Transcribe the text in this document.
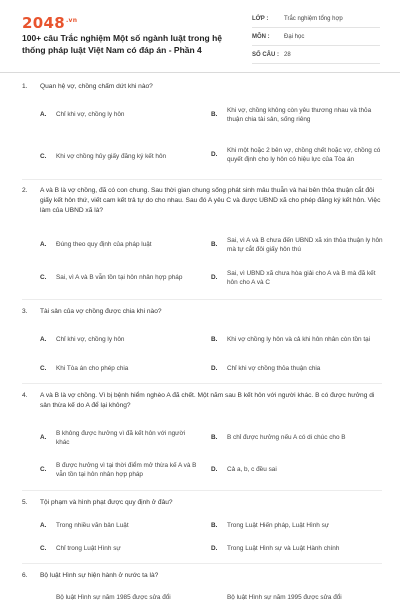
$2048^{.vn}$
100+ câu Trắc nghiệm Một số ngành luật trong hệ thống pháp luật Việt Nam có đáp án - Phần 4
LỚP :	Trắc nghiệm tổng hợp
MÔN :	Đại học
SỐ CÂU : 28
1.	Quan hệ vợ, chồng chấm dứt khi nào?
A.	Chỉ khi vợ, chồng ly hôn	B.
Khi vợ, chồng không còn yêu thương nhau và thỏa thuận chia tài sản, sống riêng
C.	Khi vợ chồng hủy giấy đăng ký kết hôn	D.
Khi một hoặc 2 bên vợ, chồng chết hoặc vợ, chồng có quyết định cho ly hôn có hiệu lực của Tòa án
2.	A và B là vợ chồng, đã có con chung. Sau thời gian chung sống phát sinh mâu thuẫn và hai bên thỏa thuận cắt đôi giấy kết hôn thứ, viết cam kết trả tự do cho nhau. Sau đó A yêu C và được UBND xã cho phép đăng ký kết hôn. Việc làm của UBND xã là?
A.	Đúng theo quy định của pháp luật	B.
Sai, vì A và B chưa đến UBND xã xin thỏa thuận ly hôn mà tự cắt đôi giấy hôn thú
C.	Sai, vì A và B vẫn tồn tại hôn nhân hợp pháp	D.
Sai, vì UBND xã chưa hòa giải cho A và B mà đã kết hôn cho A và C
3.	Tài sản của vợ chồng được chia khi nào?
A.	Chỉ khi vợ, chồng ly hôn	B.	Khi vợ chồng ly hôn và cả khi hôn nhân còn tồn tại
C.	Khi Tòa án cho phép chia	D.	Chỉ khi vợ chồng thỏa thuận chia
4.	A và B là vợ chồng. Vì bị bệnh hiểm nghèo A đã chết. Một năm sau B kết hôn với người khác. B có được hưởng di sản thừa kế do A để lại không?
A.
B không được hưởng vì đã kết hôn với người khác
B.	B chỉ được hưởng nếu A có di chúc cho B
C.
B được hưởng vì tại thời điểm mở thừa kế A và B vẫn tồn tại hôn nhân hợp pháp
D.	Cả a, b, c đều sai
5.	Tội phạm và hình phạt được quy định ở đâu?
A.	Trong nhiều văn bản Luật	B.	Trong Luật Hiến pháp, Luật Hình sự
C.	Chỉ trong Luật Hình sự	D.	Trong Luật Hình sự và Luật Hành chính
6.	Bộ luật Hình sự hiện hành ở nước ta là?
Bộ luật Hình sự năm 1985 được sửa đổi	Bộ luật Hình sự năm 1995 được sửa đổi
